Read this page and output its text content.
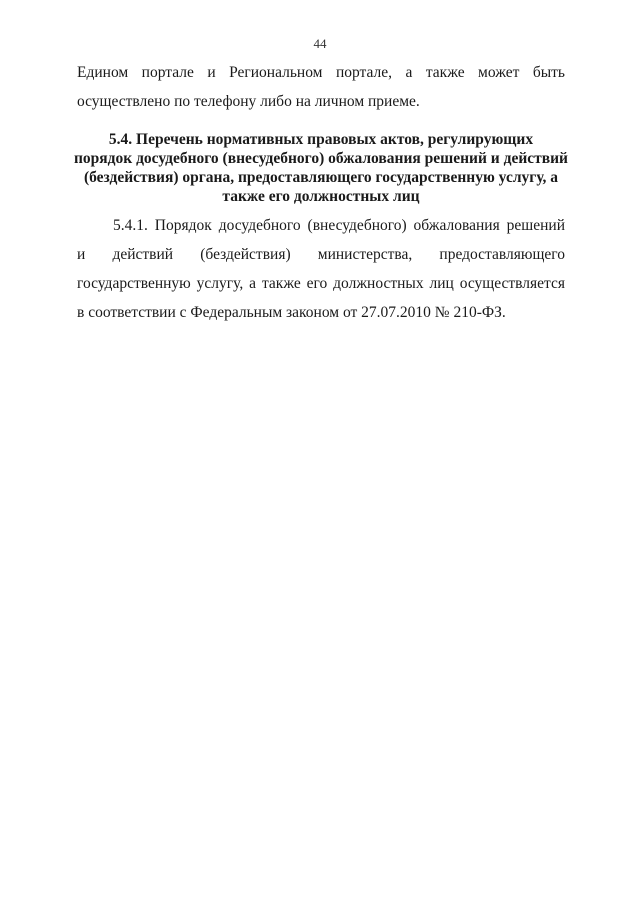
44
Едином портале и Региональном портале, а также может быть
осуществлено по телефону либо на личном приеме.
5.4. Перечень нормативных правовых актов, регулирующих
порядок досудебного (внесудебного) обжалования решений и действий
(бездействия) органа, предоставляющего государственную услугу, а
также его должностных лиц
5.4.1. Порядок досудебного (внесудебного) обжалования решений
и действий (бездействия) министерства, предоставляющего
государственную услугу, а также его должностных лиц осуществляется
в соответствии с Федеральным законом от 27.07.2010 № 210-ФЗ.
